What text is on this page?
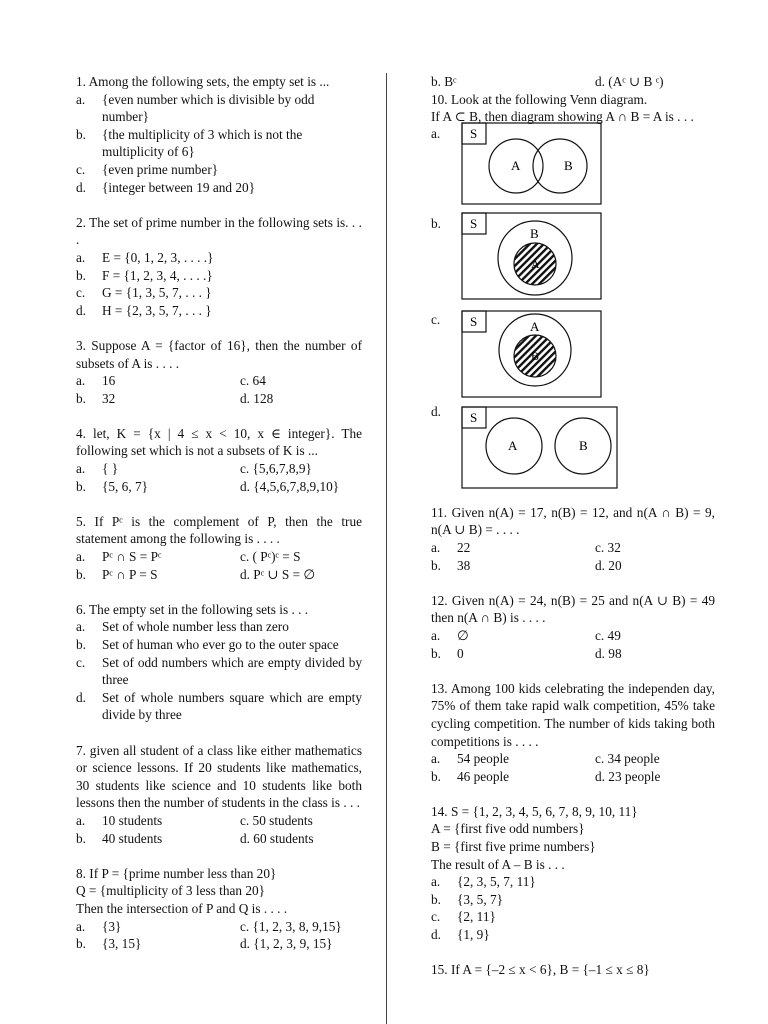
1. Among the following sets, the empty set is ...
a.	{even number which is divisible by odd number}
b.	{the multiplicity of 3 which is not the multiplicity of 6}
c.	{even prime number}
d.	{integer between 19 and 20}
2. The set of prime number in the following sets is. . . .
a.	E = {0, 1, 2, 3, . . . .}
b.	F = {1, 2, 3, 4, . . . .}
c.	G = {1, 3, 5, 7, . . . }
d.	H = {2, 3, 5, 7, . . . }
3. Suppose A = {factor of 16}, then the number of subsets of A is . . . .
a.	16	c. 64
b.	32	d. 128
4. let, K = {x | 4 ≤ x < 10, x ∈ integer}. The following set which is not a subsets of K is ...
a.	{ }	c. {5,6,7,8,9}
b.	{5, 6, 7}	d. {4,5,6,7,8,9,10}
5. If Pᶜ is the complement of P, then the true statement among the following is . . . .
a.	Pᶜ ∩ S = Pᶜ	c. ( Pᶜ)ᶜ = S
b.	Pᶜ ∩ P = S	d. Pᶜ ∪ S = ∅
6. The empty set in the following sets is . . .
a.	Set of whole number less than zero
b.	Set of human who ever go to the outer space
c.	Set of odd numbers which are empty divided by three
d.	Set of whole numbers square which are empty divide by three
7. given all student of a class like either mathematics or science lessons. If 20 students like mathematics, 30 students like science and 10 students like both lessons then the number of students in the class is . . .
a.	10 students	c. 50 students
b.	40 students	d. 60 students
8. If P = {prime number less than 20}
Q = {multiplicity of 3 less than 20}
Then the intersection of P and Q is . . . .
a.	{3}	c. {1, 2, 3, 8, 9,15}
b.	{3, 15}	d. {1, 2, 3, 9, 15}
b. Bᶜ	d. (Aᶜ ∪ B ᶜ)
10. Look at the following Venn diagram.
If A ⊂ B, then diagram showing A ∩ B = A is . . .
a. S
A	B
b. S
B
A
c. S	A
B
d. S
A	B
11. Given n(A) = 17, n(B) = 12, and n(A ∩ B) = 9, n(A ∪ B) = . . . .
a.	22	c. 32
b.	38	d. 20
12. Given n(A) = 24, n(B) = 25 and n(A ∪ B) = 49 then n(A ∩ B) is . . . .
a.	∅	c. 49
b.	0	d. 98
13. Among 100 kids celebrating the independen day, 75% of them take rapid walk competition, 45% take cycling competition. The number of kids taking both competitions is . . . .
a.	54 people	c. 34 people
b.	46 people	d. 23 people
14. S = {1, 2, 3, 4, 5, 6, 7, 8, 9, 10, 11}
A = {first five odd numbers}
B = {first five prime numbers}
The result of A – B is . . .
a.	{2, 3, 5, 7, 11}
b.	{3, 5, 7}
c.	{2, 11}
d.	{1, 9}
15. If A = {–2 ≤ x < 6}, B = {–1 ≤ x ≤ 8}
